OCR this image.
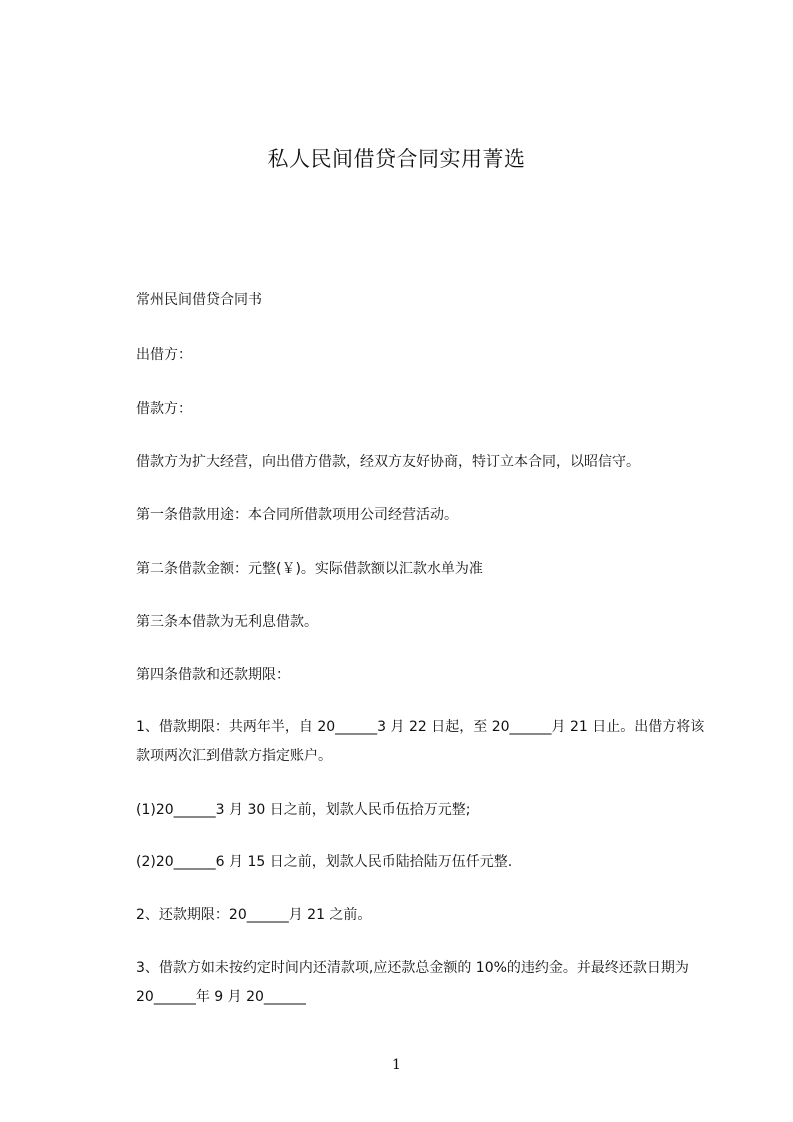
私人民间借贷合同实用菁选
常州民间借贷合同书
出借方：
借款方：
借款方为扩大经营，向出借方借款，经双方友好协商，特订立本合同，以昭信守。
第一条借款用途：本合同所借款项用公司经营活动。
第二条借款金额：元整(￥)。实际借款额以汇款水单为准
第三条本借款为无利息借款。
第四条借款和还款期限：
1、借款期限：共两年半，自 20______3 月 22 日起，至 20______月 21 日止。出借方将该款项两次汇到借款方指定账户。
(1)20______3 月 30 日之前，划款人民币伍拾万元整;
(2)20______6 月 15 日之前，划款人民币陆拾陆万伍仟元整.
2、还款期限：20______月 21 之前。
3、借款方如未按约定时间内还清款项,应还款总金额的 10%的违约金。并最终还款日期为 20______年 9 月 20______
1
